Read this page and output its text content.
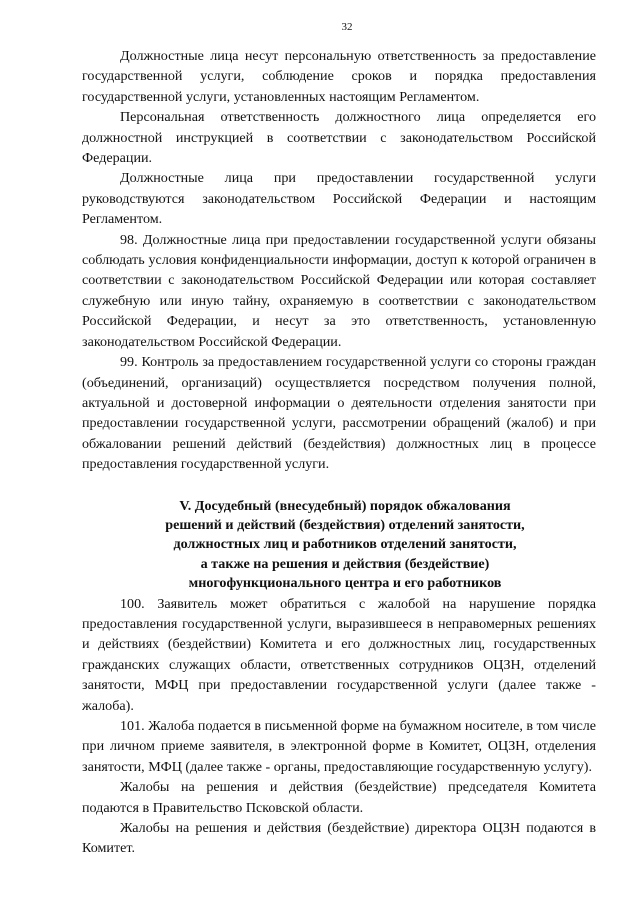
32

Должностные лица несут персональную ответственность за предоставление государственной услуги, соблюдение сроков и порядка предоставления государственной услуги, установленных настоящим Регламентом.

Персональная ответственность должностного лица определяется его должностной инструкцией в соответствии с законодательством Российской Федерации.

Должностные лица при предоставлении государственной услуги руководствуются законодательством Российской Федерации и настоящим Регламентом.

98. Должностные лица при предоставлении государственной услуги обязаны соблюдать условия конфиденциальности информации, доступ к которой ограничен в соответствии с законодательством Российской Федерации или которая составляет служебную или иную тайну, охраняемую в соответствии с законодательством Российской Федерации, и несут за это ответственность, установленную законодательством Российской Федерации.

99. Контроль за предоставлением государственной услуги со стороны граждан (объединений, организаций) осуществляется посредством получения полной, актуальной и достоверной информации о деятельности отделения занятости при предоставлении государственной услуги, рассмотрении обращений (жалоб) и при обжаловании решений действий (бездействия) должностных лиц в процессе предоставления государственной услуги.

V. Досудебный (внесудебный) порядок обжалования
решений и действий (бездействия) отделений занятости,
должностных лиц и работников отделений занятости,
а также на решения и действия (бездействие)
многофункционального центра и его работников

100. Заявитель может обратиться с жалобой на нарушение порядка предоставления государственной услуги, выразившееся в неправомерных решениях и действиях (бездействии) Комитета и его должностных лиц, государственных гражданских служащих области, ответственных сотрудников ОЦЗН, отделений занятости, МФЦ при предоставлении государственной услуги (далее также - жалоба).

101. Жалоба подается в письменной форме на бумажном носителе, в том числе при личном приеме заявителя, в электронной форме в Комитет, ОЦЗН, отделения занятости, МФЦ (далее также - органы, предоставляющие государственную услугу).

Жалобы на решения и действия (бездействие) председателя Комитета подаются в Правительство Псковской области.

Жалобы на решения и действия (бездействие) директора ОЦЗН подаются в Комитет.
